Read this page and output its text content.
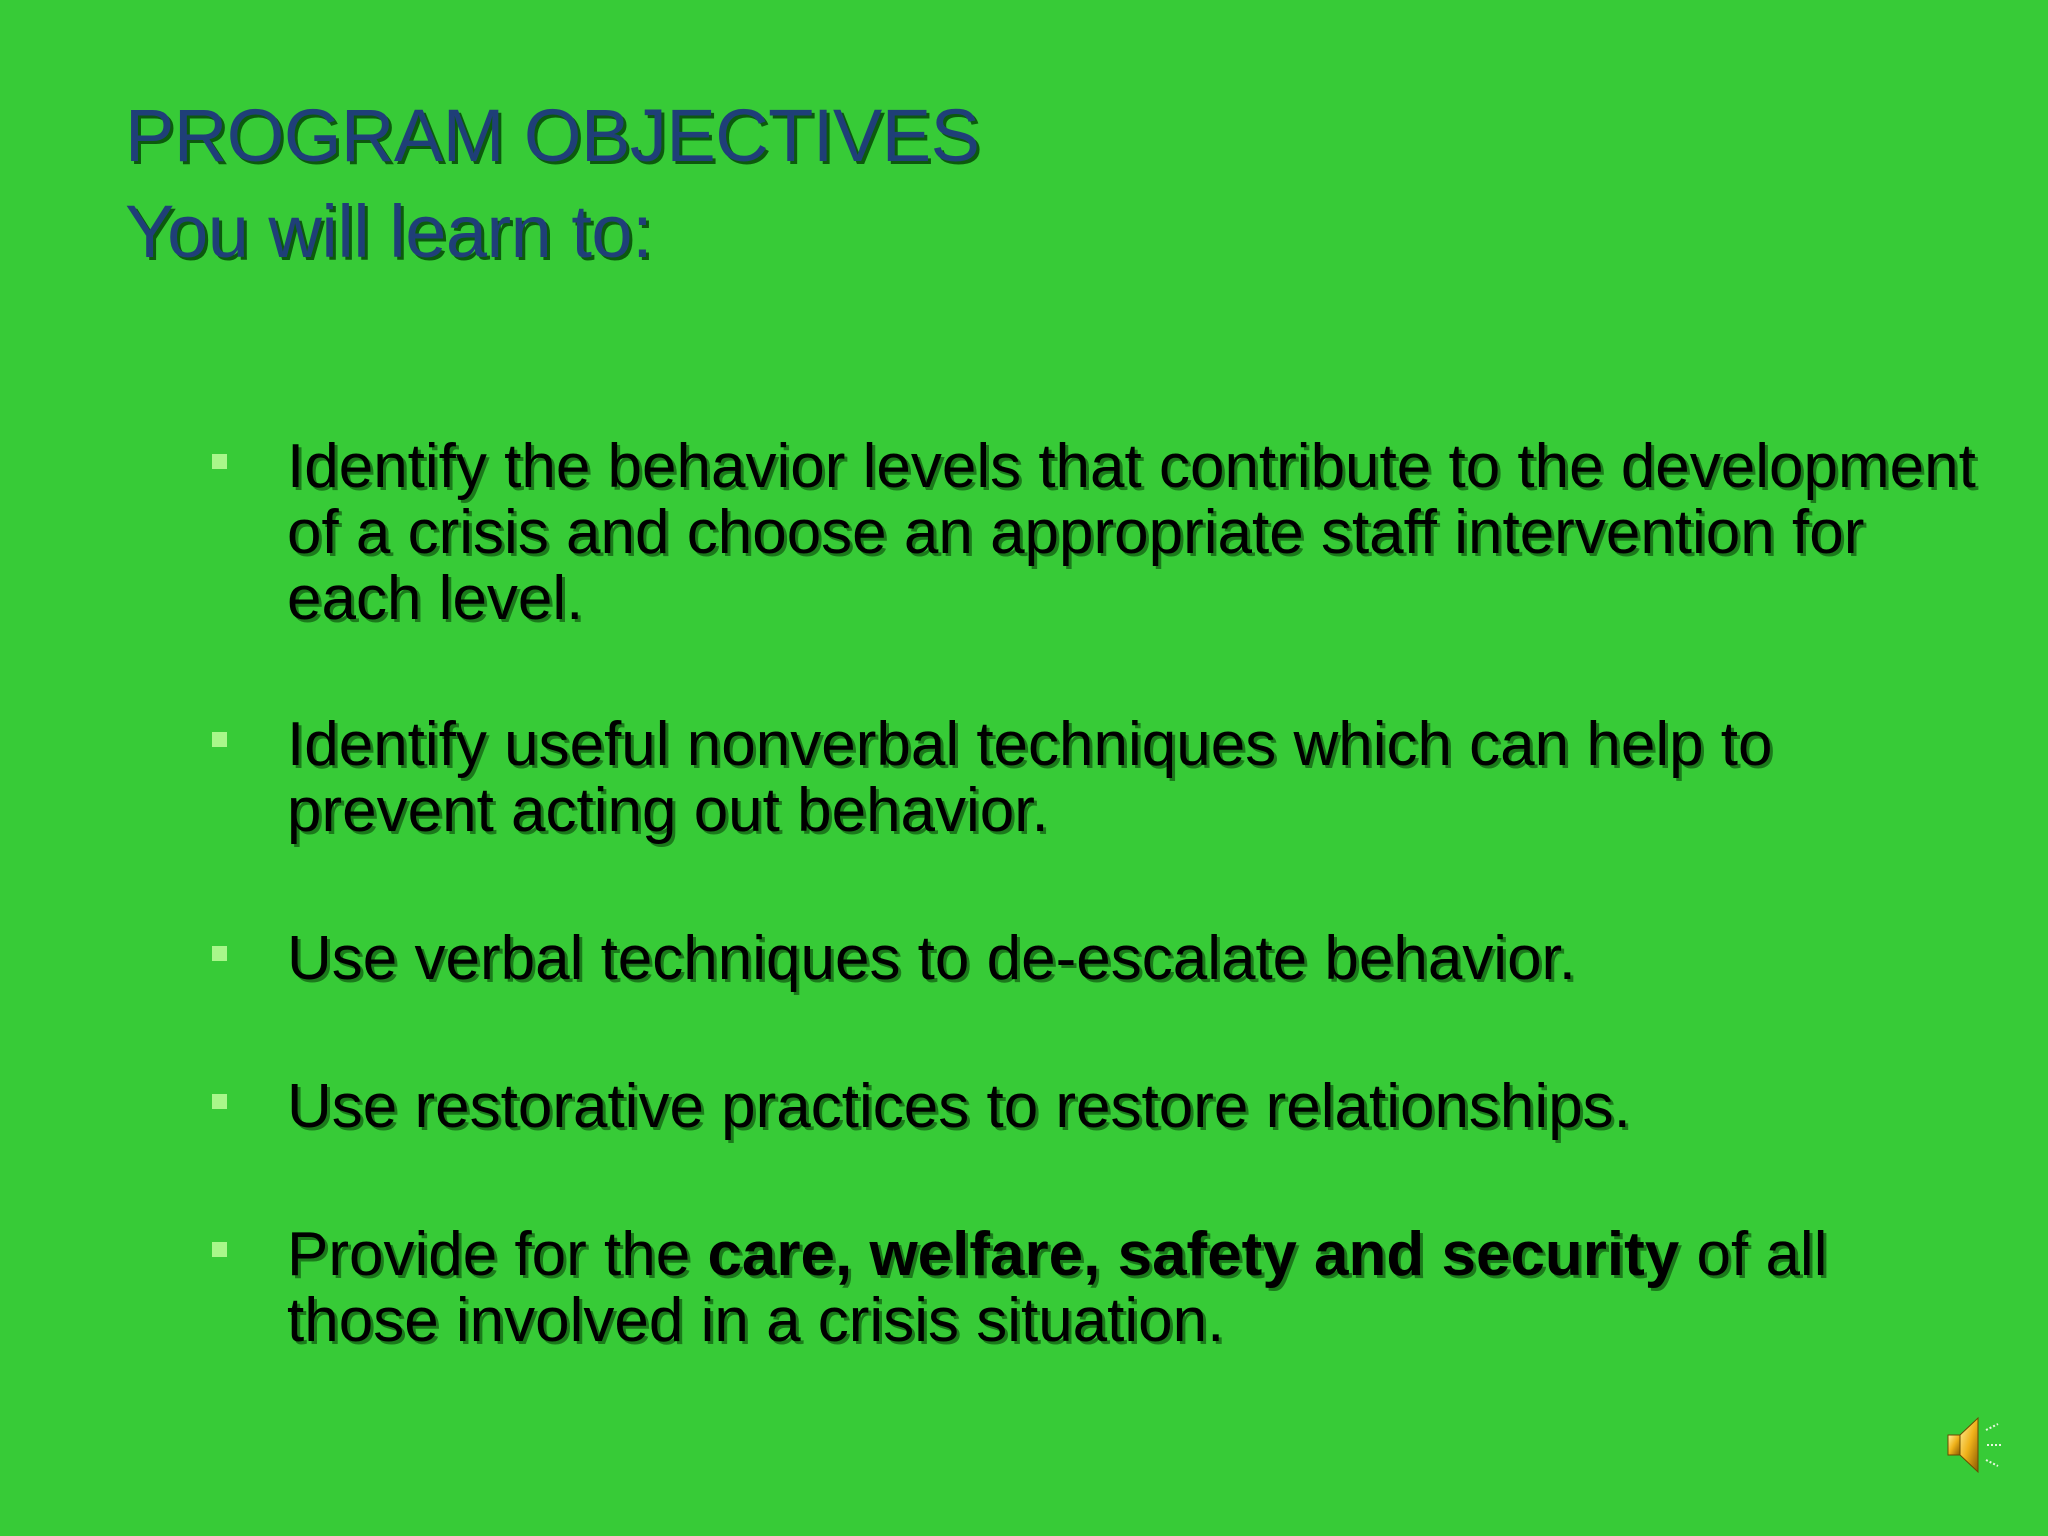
PROGRAM OBJECTIVES
You will learn to:
Identify the behavior levels that contribute to the development of a crisis and choose an appropriate staff intervention for each level.
Identify useful nonverbal techniques which can help to prevent acting out behavior.
Use verbal techniques to de-escalate behavior.
Use restorative practices to restore relationships.
Provide for the care, welfare, safety and security of all those involved in a crisis situation.
